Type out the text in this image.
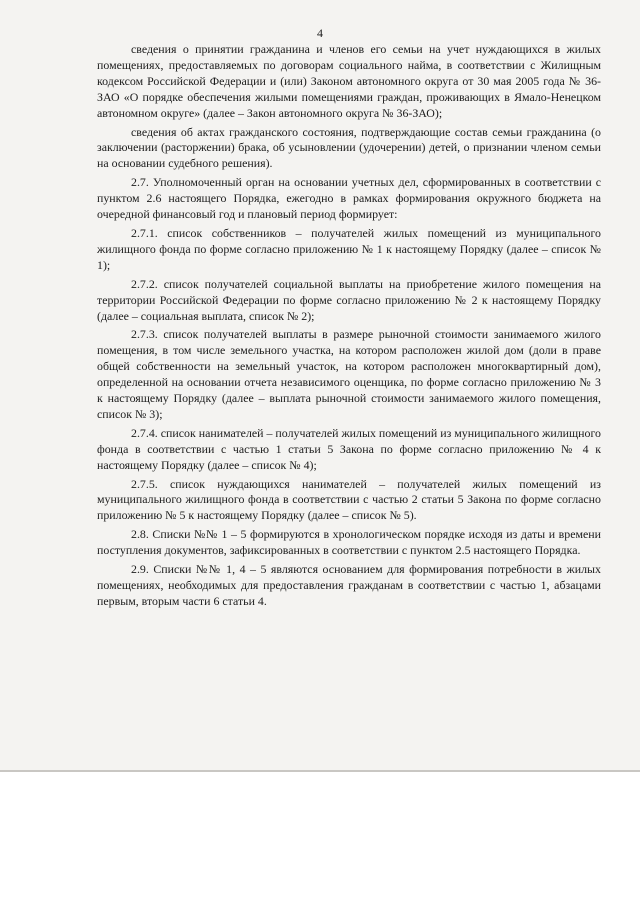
4

сведения о принятии гражданина и членов его семьи на учет нуждающихся в жилых помещениях, предоставляемых по договорам социального найма, в соответствии с Жилищным кодексом Российской Федерации и (или) Законом автономного округа от 30 мая 2005 года № 36-ЗАО «О порядке обеспечения жилыми помещениями граждан, проживающих в Ямало-Ненецком автономном округе» (далее – Закон автономного округа № 36-ЗАО);

сведения об актах гражданского состояния, подтверждающие состав семьи гражданина (о заключении (расторжении) брака, об усыновлении (удочерении) детей, о признании членом семьи на основании судебного решения).

2.7. Уполномоченный орган на основании учетных дел, сформированных в соответствии с пунктом 2.6 настоящего Порядка, ежегодно в рамках формирования окружного бюджета на очередной финансовый год и плановый период формирует:

2.7.1. список собственников – получателей жилых помещений из муниципального жилищного фонда по форме согласно приложению № 1 к настоящему Порядку (далее – список № 1);

2.7.2. список получателей социальной выплаты на приобретение жилого помещения на территории Российской Федерации по форме согласно приложению № 2 к настоящему Порядку (далее – социальная выплата, список № 2);

2.7.3. список получателей выплаты в размере рыночной стоимости занимаемого жилого помещения, в том числе земельного участка, на котором расположен жилой дом (доли в праве общей собственности на земельный участок, на котором расположен многоквартирный дом), определенной на основании отчета независимого оценщика, по форме согласно приложению № 3 к настоящему Порядку (далее – выплата рыночной стоимости занимаемого жилого помещения, список № 3);

2.7.4. список нанимателей – получателей жилых помещений из муниципального жилищного фонда в соответствии с частью 1 статьи 5 Закона по форме согласно приложению № 4 к настоящему Порядку (далее – список № 4);

2.7.5. список нуждающихся нанимателей – получателей жилых помещений из муниципального жилищного фонда в соответствии с частью 2 статьи 5 Закона по форме согласно приложению № 5 к настоящему Порядку (далее – список № 5).

2.8. Списки №№ 1 – 5 формируются в хронологическом порядке исходя из даты и времени поступления документов, зафиксированных в соответствии с пунктом 2.5 настоящего Порядка.

2.9. Списки №№ 1, 4 – 5 являются основанием для формирования потребности в жилых помещениях, необходимых для предоставления гражданам в соответствии с частью 1, абзацами первым, вторым части 6 статьи 4.
